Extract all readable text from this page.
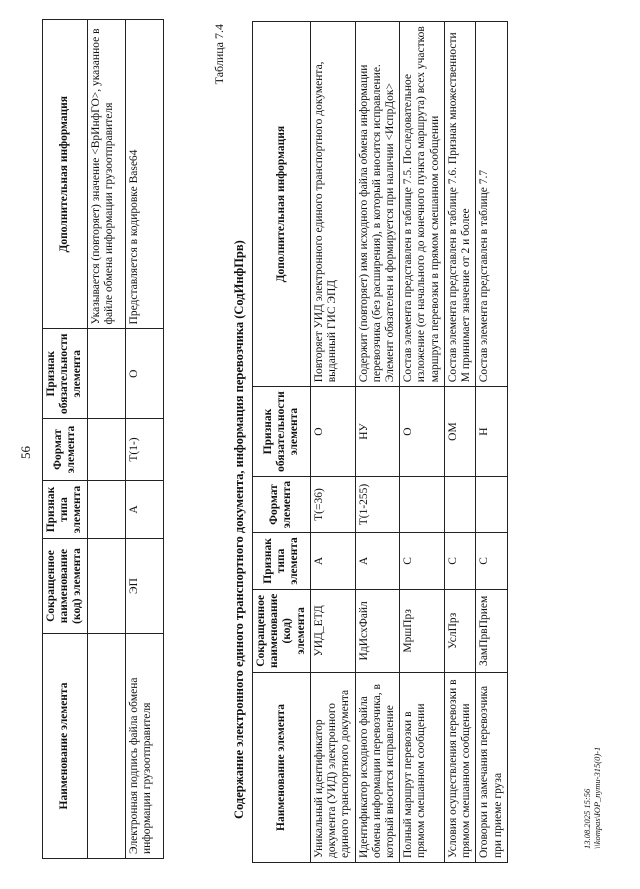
56
Наименование элемента	Сокращенное наименование (код) элемента	Признак типа элемента	Формат элемента	Признак обязательности элемента	Дополнительная информация
					Указывается (повторяет) значение <ВрИнфГО>, указанное в файле обмена информации грузоотправителя
Электронная подпись файла обмена информации грузоотправителя	ЭП	А	T(1-)	О	Представляется в кодировке Base64
Таблица 7.4
Содержание электронного единого транспортного документа, информация перевозчика (СодИнфПрв)	Наименование элемента	Сокращенное наименование (код) элемента	Признак типа элемента	Формат элемента	Признак обязательности элемента	Дополнительная информация
Уникальный идентификатор документа (УИД) электронного единого транспортного документа	УИД_ЕТД	А	T(=36)	О	Повторяет УИД электронного единого транспортного документа, выданный ГИС ЭПД
Идентификатор исходного файла обмена информации перевозчика, в который вносится исправление	ИдИсхФайл	А	T(1-255)	НУ	Содержит (повторяет) имя исходного файла обмена информации перевозчика (без расширения), в который вносится исправление. Элемент обязателен и формируется при наличии <ИспрДок>
Полный маршрут перевозки в прямом смешанном сообщении	МршПрз	С		О	Состав элемента представлен в таблице 7.5. Последовательное изложение (от начального до конечного пункта маршрута) всех участков маршрута перевозки в прямом смешанном сообщении
Условия осуществления перевозки в прямом смешанном сообщении	УслПрз	С		ОМ	Состав элемента представлен в таблице 7.6. Признак множественности М принимает значение от 2 и более
Оговорки и замечания перевозчика при приеме груза	ЗамПрвПрием	С		Н	Состав элемента представлен в таблице 7.7
13.08.2025 15:56 \\kompas\ЮР_пути-315(0)-1
